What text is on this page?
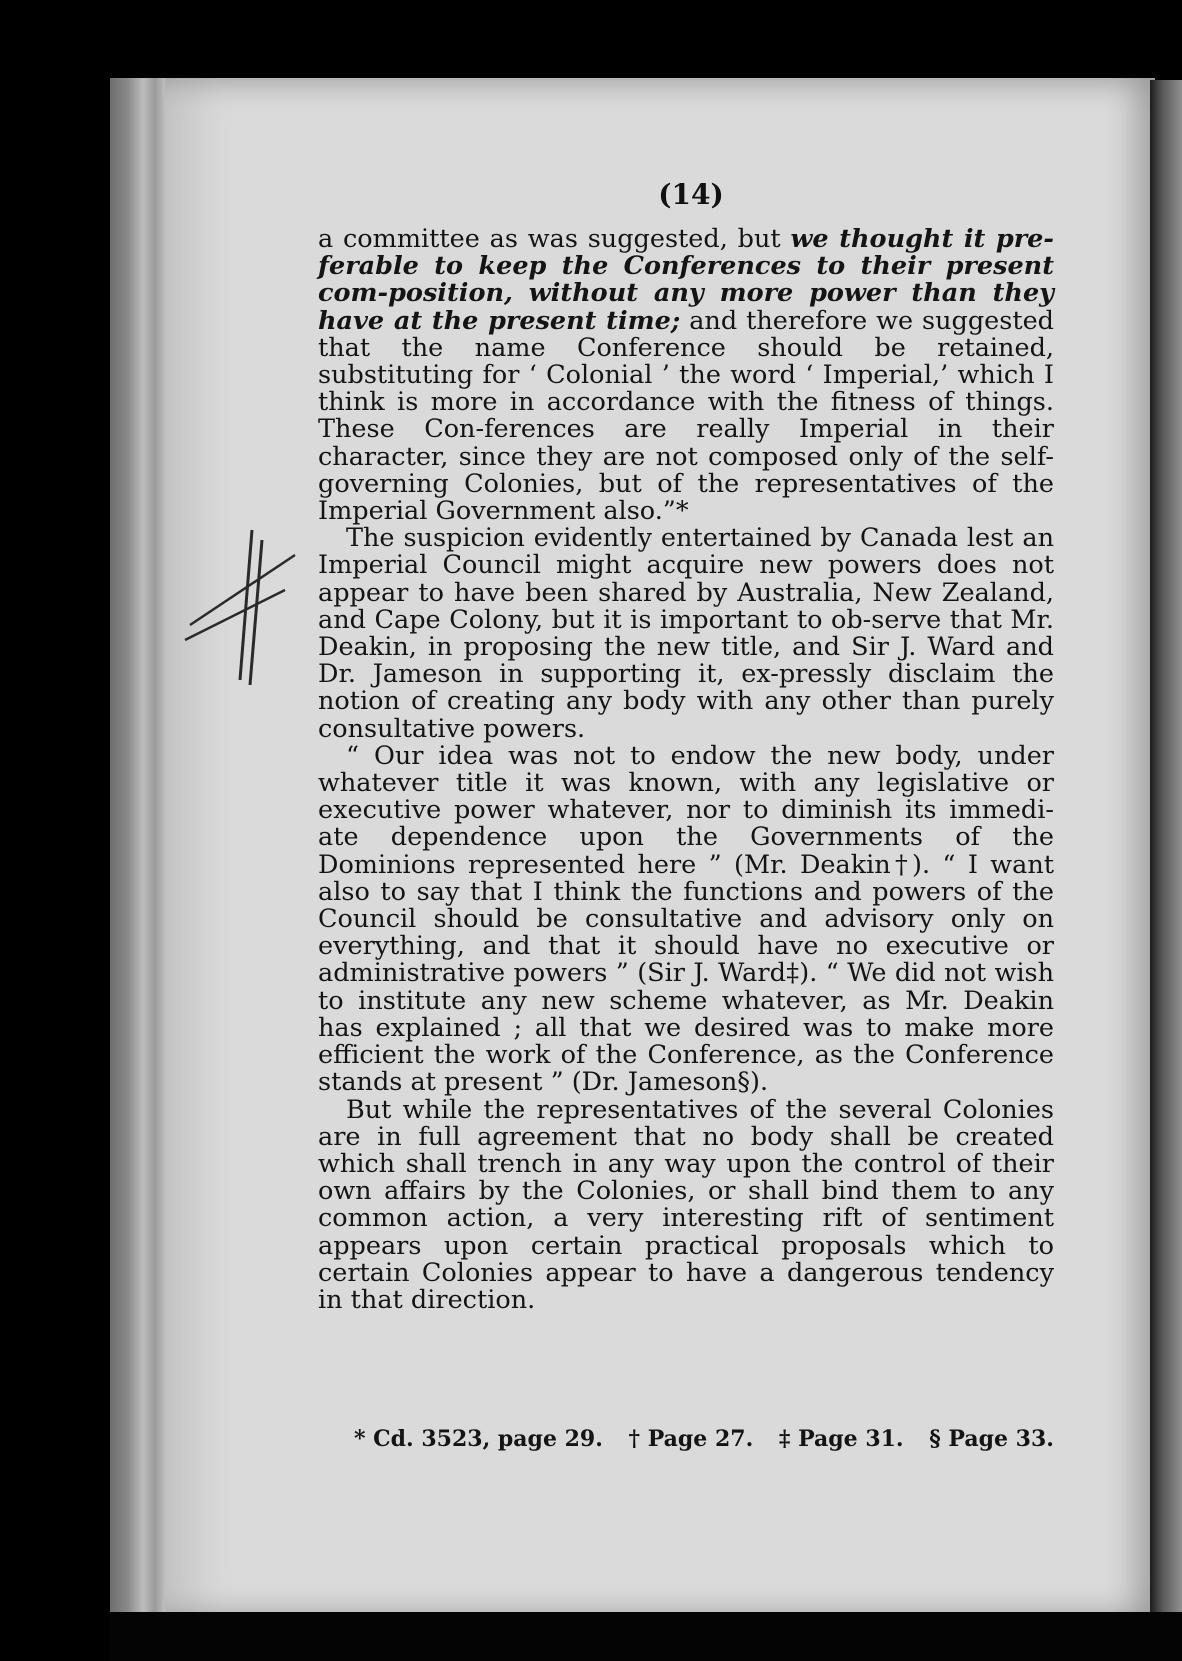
(14)

a committee as was suggested, but we thought it pre-ferable to keep the Conferences to their present com-position, without any more power than they have at the present time; and therefore we suggested that the name Conference should be retained, substituting for ‘ Colonial ’ the word ‘ Imperial,’ which I think is more in accordance with the fitness of things. These Con-ferences are really Imperial in their character, since they are not composed only of the self-governing Colonies, but of the representatives of the Imperial Government also.”*

The suspicion evidently entertained by Canada lest an Imperial Council might acquire new powers does not appear to have been shared by Australia, New Zealand, and Cape Colony, but it is important to ob-serve that Mr. Deakin, in proposing the new title, and Sir J. Ward and Dr. Jameson in supporting it, ex-pressly disclaim the notion of creating any body with any other than purely consultative powers.

“ Our idea was not to endow the new body, under whatever title it was known, with any legislative or executive power whatever, nor to diminish its immedi-ate dependence upon the Governments of the Dominions represented here ” (Mr. Deakin†). “ I want also to say that I think the functions and powers of the Council should be consultative and advisory only on everything, and that it should have no executive or administrative powers ” (Sir J. Ward‡). “ We did not wish to institute any new scheme whatever, as Mr. Deakin has explained ; all that we desired was to make more efficient the work of the Conference, as the Conference stands at present ” (Dr. Jameson§).

But while the representatives of the several Colonies are in full agreement that no body shall be created which shall trench in any way upon the control of their own affairs by the Colonies, or shall bind them to any common action, a very interesting rift of sentiment appears upon certain practical proposals which to certain Colonies appear to have a dangerous tendency in that direction.

* Cd. 3523, page 29. † Page 27. ‡ Page 31. § Page 33.
